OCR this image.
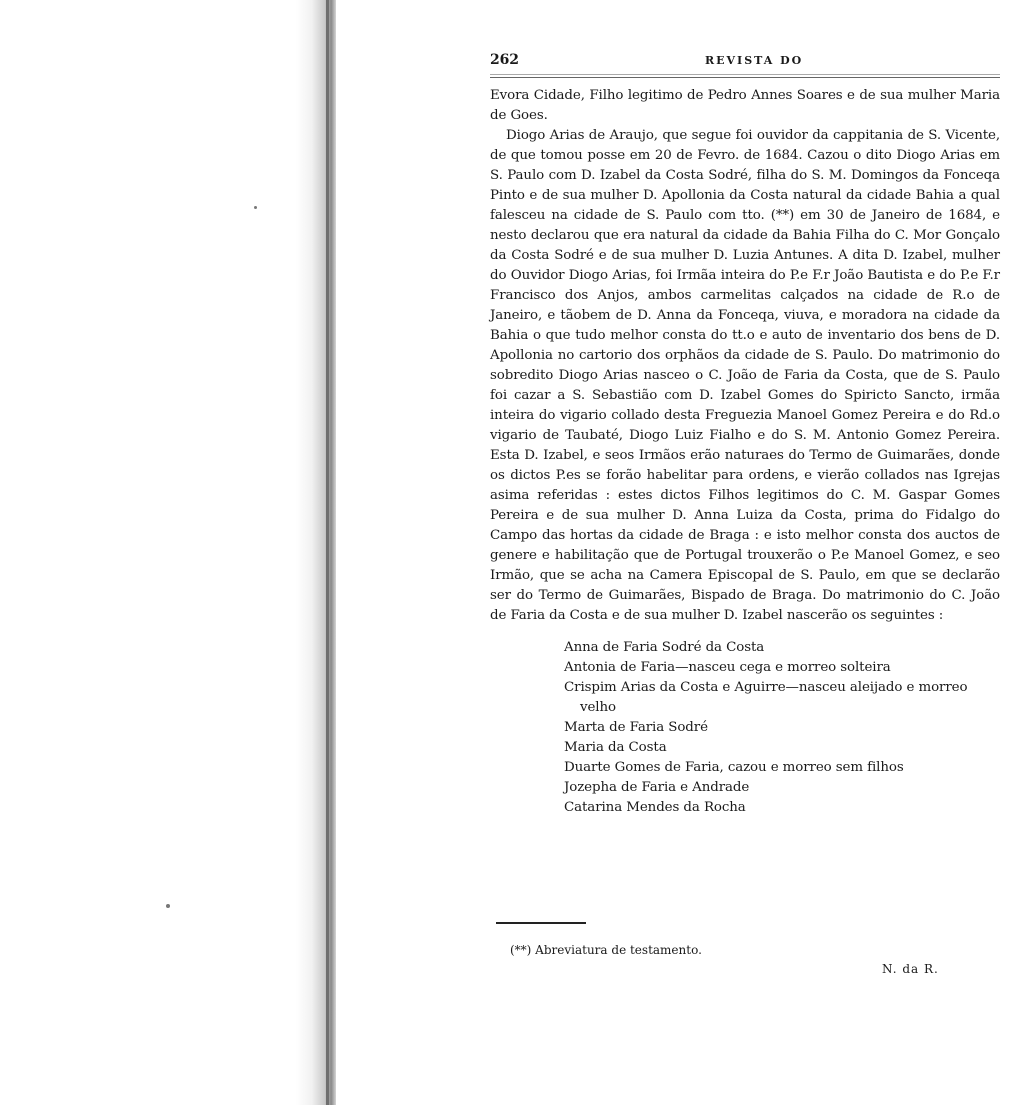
262	REVISTA DO

Evora Cidade, Filho legitimo de Pedro Annes Soares e de sua mulher Maria de Goes.

Diogo Arias de Araujo, que segue foi ouvidor da cappitania de S. Vicente, de que tomou posse em 20 de Fevro. de 1684. Cazou o dito Diogo Arias em S. Paulo com D. Izabel da Costa Sodré, filha do S. M. Domingos da Fonceqa Pinto e de sua mulher D. Apollonia da Costa natural da cidade Bahia a qual falesceu na cidade de S. Paulo com tto. (**) em 30 de Janeiro de 1684, e nesto declarou que era natural da cidade da Bahia Filha do C. Mor Gonçalo da Costa Sodré e de sua mulher D. Luzia Antunes. A dita D. Izabel, mulher do Ouvidor Diogo Arias, foi Irmãa inteira do P.e F.r João Bautista e do P.e F.r Francisco dos Anjos, ambos carmelitas calçados na cidade de R.o de Janeiro, e tãobem de D. Anna da Fonceqa, viuva, e moradora na cidade da Bahia o que tudo melhor consta do tt.o e auto de inventario dos bens de D. Apollonia no cartorio dos orphãos da cidade de S. Paulo. Do matrimonio do sobredito Diogo Arias nasceo o C. João de Faria da Costa, que de S. Paulo foi cazar a S. Sebastião com D. Izabel Gomes do Spiricto Sancto, irmãa inteira do vigario collado desta Freguezia Manoel Gomez Pereira e do Rd.o vigario de Taubaté, Diogo Luiz Fialho e do S. M. Antonio Gomez Pereira. Esta D. Izabel, e seos Irmãos erão naturaes do Termo de Guimarães, donde os dictos P.es se forão habelitar para ordens, e vierão collados nas Igrejas asima referidas : estes dictos Filhos legitimos do C. M. Gaspar Gomes Pereira e de sua mulher D. Anna Luiza da Costa, prima do Fidalgo do Campo das hortas da cidade de Braga : e isto melhor consta dos auctos de genere e habilitação que de Portugal trouxerão o P.e Manoel Gomez, e seo Irmão, que se acha na Camera Episcopal de S. Paulo, em que se declarão ser do Termo de Guimarães, Bispado de Braga. Do matrimonio do C. João de Faria da Costa e de sua mulher D. Izabel nascerão os seguintes :

Anna de Faria Sodré da Costa
Antonia de Faria—nasceu cega e morreo solteira
Crispim Arias da Costa e Aguirre—nasceu aleijado e morreo velho
Marta de Faria Sodré
Maria da Costa
Duarte Gomes de Faria, cazou e morreo sem filhos
Jozepha de Faria e Andrade
Catarina Mendes da Rocha
(**) Abreviatura de testamento.
N. da R.
